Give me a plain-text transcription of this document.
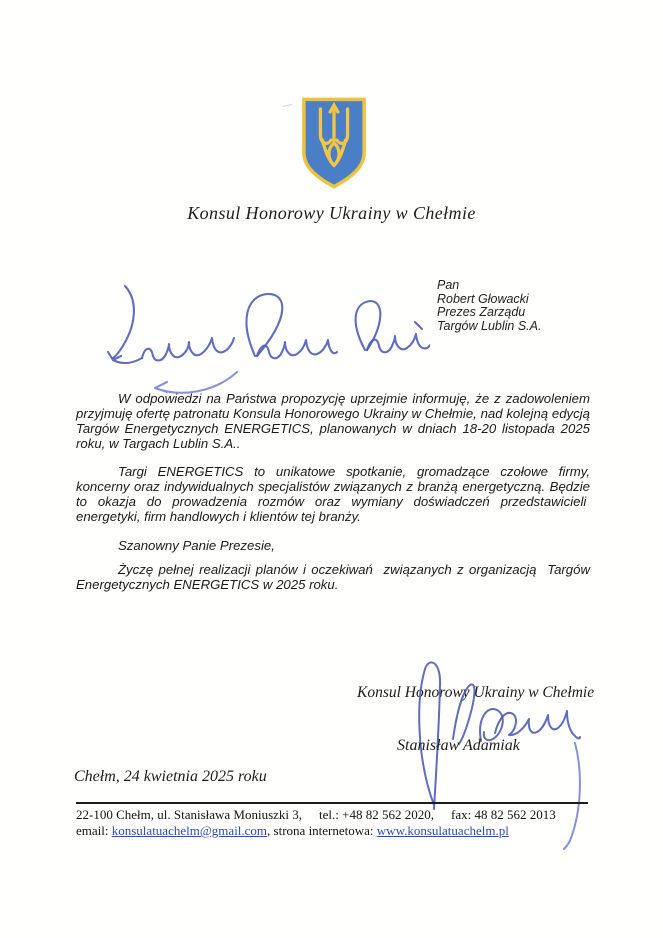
Konsul Honorowy Ukrainy w Chełmie
Pan
Robert Głowacki
Prezes Zarządu
Targów Lublin S.A.

W odpowiedzi na Państwa propozycję uprzejmie informuję, że z zadowoleniem przyjmuję ofertę patronatu Konsula Honorowego Ukrainy w Chełmie, nad kolejną edycją Targów Energetycznych ENERGETICS, planowanych w dniach 18-20 listopada 2025 roku, w Targach Lublin S.A..

Targi ENERGETICS to unikatowe spotkanie, gromadzące czołowe firmy, koncerny oraz indywidualnych specjalistów związanych z branżą energetyczną. Będzie to okazja do prowadzenia rozmów oraz wymiany doświadczeń przedstawicieli  energetyki, firm handlowych i klientów tej branży.

Szanowny Panie Prezesie,

Życzę pełnej realizacji planów i oczekiwań  związanych z organizacją  Targów Energetycznych ENERGETICS w 2025 roku.

Konsul Honorowy Ukrainy w Chełmie
Stanisław Adamiak
Chełm, 24 kwietnia 2025 roku
22-100 Chełm, ul. Stanisława Moniuszki 3, tel.: +48 82 562 2020, fax: 48 82 562 2013
email: konsulatuachelm@gmail.com, strona internetowa: www.konsulatuachelm.pl
